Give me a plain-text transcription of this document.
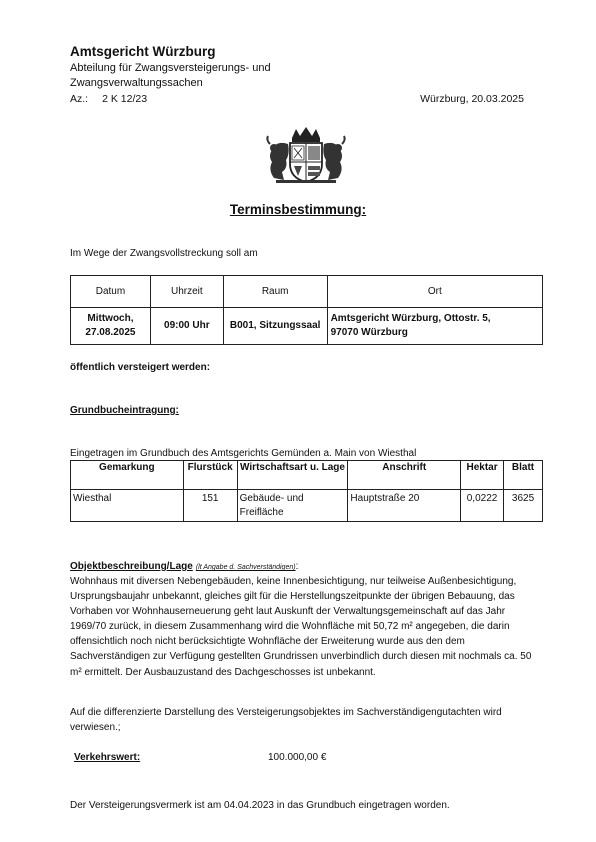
Amtsgericht Würzburg
Abteilung für Zwangsversteigerungs- und Zwangsverwaltungssachen
Az.: 2 K 12/23	Würzburg, 20.03.2025
Terminsbestimmung:
Im Wege der Zwangsvollstreckung soll am
Datum	Uhrzeit	Raum	Ort
Mittwoch, 27.08.2025	09:00 Uhr	B001, Sitzungssaal	Amtsgericht Würzburg, Ottostr. 5,
97070 Würzburg
öffentlich versteigert werden:
Grundbucheintragung:
Eingetragen im Grundbuch des Amtsgerichts Gemünden a. Main von Wiesthal
Gemarkung	Flurstück	Wirtschaftsart u. Lage	Anschrift	Hektar	Blatt
Wiesthal	151	Gebäude- und Freifläche	Hauptstraße 20	0,0222	3625
Objektbeschreibung/Lage (lt Angabe d. Sachverständigen):
Wohnhaus mit diversen Nebengebäuden, keine Innenbesichtigung, nur teilweise Außenbesichtigung, Ursprungsbaujahr unbekannt, gleiches gilt für die Herstellungszeitpunkte der übrigen Bebauung, das Vorhaben vor Wohnhauserneuerung geht laut Auskunft der Verwaltungsgemeinschaft auf das Jahr 1969/70 zurück, in diesem Zusammenhang wird die Wohnfläche mit 50,72 m² angegeben, die darin offensichtlich noch nicht berücksichtigte Wohnfläche der Erweiterung wurde aus den dem Sachverständigen zur Verfügung gestellten Grundrissen unverbindlich durch diesen mit nochmals ca. 50 m² ermittelt. Der Ausbauzustand des Dachgeschosses ist unbekannt.
Auf die differenzierte Darstellung des Versteigerungsobjektes im Sachverständigengutachten wird verwiesen.;
Verkehrswert:	100.000,00 €
Der Versteigerungsvermerk ist am 04.04.2023 in das Grundbuch eingetragen worden.
